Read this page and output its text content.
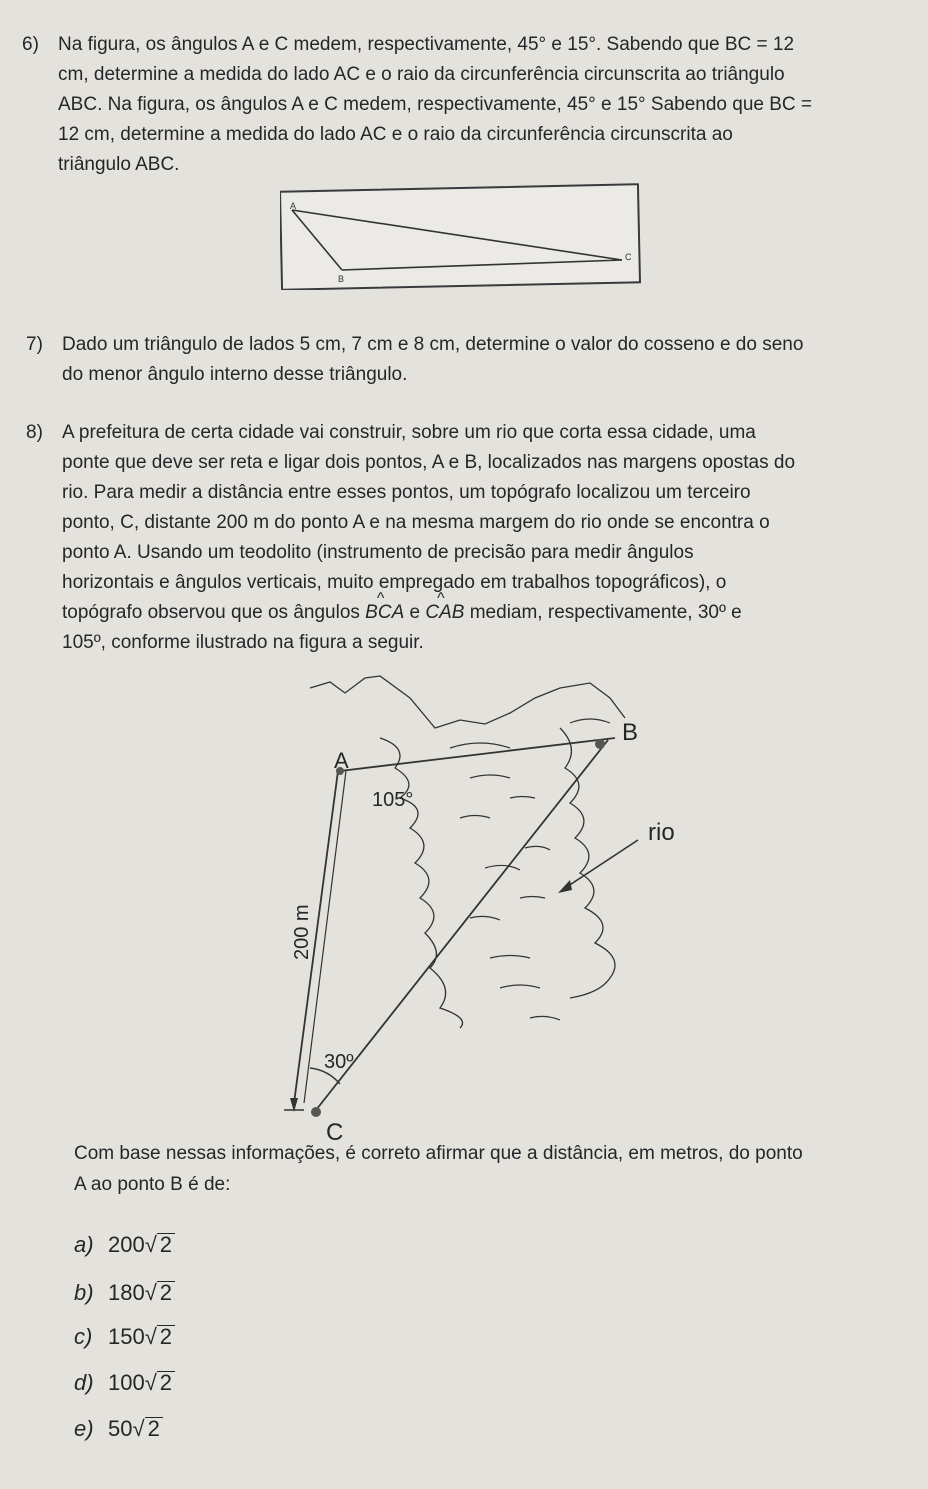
6) Na figura, os ângulos A e C medem, respectivamente, 45° e 15°. Sabendo que BC = 12
cm, determine a medida do lado AC e o raio da circunferência circunscrita ao triângulo
ABC. Na figura, os ângulos A e C medem, respectivamente, 45° e 15° Sabendo que BC =
12 cm, determine a medida do lado AC e o raio da circunferência circunscrita ao
triângulo ABC.
A
B
C
7) Dado um triângulo de lados 5 cm, 7 cm e 8 cm, determine o valor do cosseno e do seno
do menor ângulo interno desse triângulo.
8) A prefeitura de certa cidade vai construir, sobre um rio que corta essa cidade, uma
ponte que deve ser reta e ligar dois pontos, A e B, localizados nas margens opostas do
rio. Para medir a distância entre esses pontos, um topógrafo localizou um terceiro
ponto, C, distante 200 m do ponto A e na mesma margem do rio onde se encontra o
ponto A. Usando um teodolito (instrumento de precisão para medir ângulos
horizontais e ângulos verticais, muito empregado em trabalhos topográficos), o
topógrafo observou que os ângulos ^ BCA e ^ CAB mediam, respectivamente, 30º e
105º, conforme ilustrado na figura a seguir.
A
B
C
rio
105°
30º
200 m
Com base nessas informações, é correto afirmar que a distância, em metros, do ponto
A ao ponto B é de:
a) 200√ 2
b) 180√ 2
c) 150√ 2
d) 100√ 2
e) 50√ 2
